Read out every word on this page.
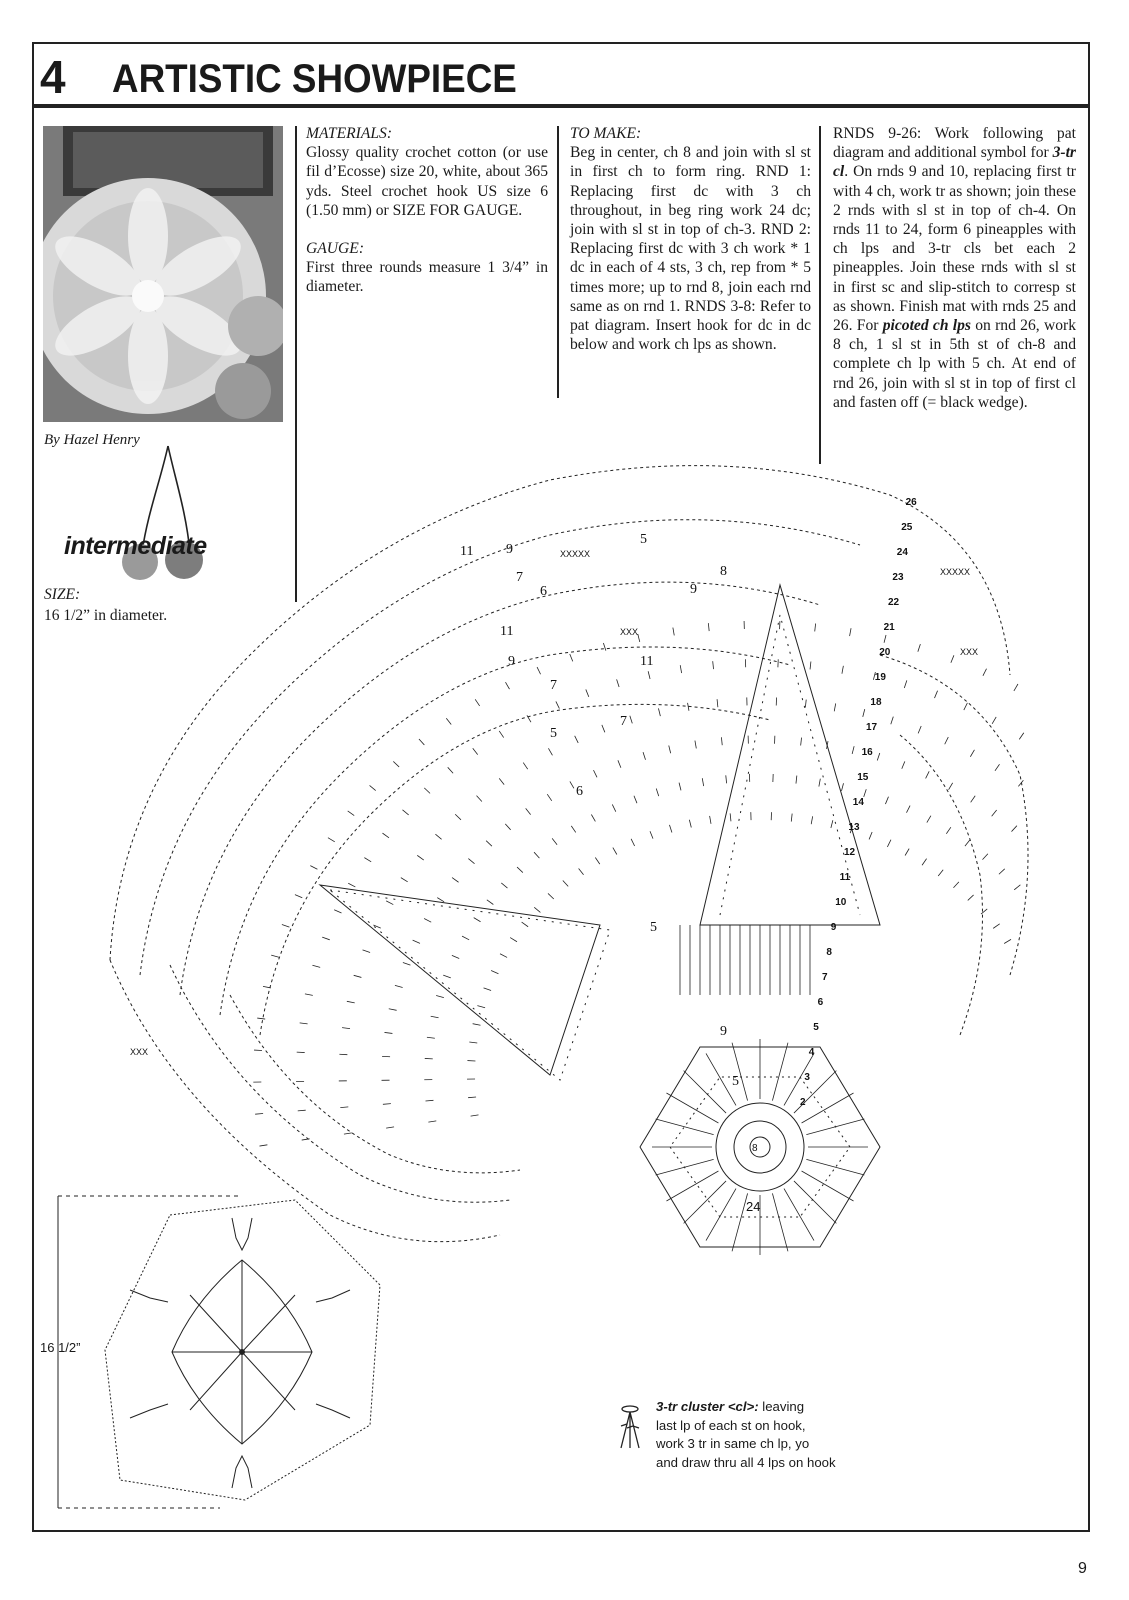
4 ARTISTIC SHOWPIECE
MATERIALS:

Glossy quality crochet cotton (or use fil d’Ecosse) size 20, white, about 365 yds. Steel crochet hook US size 6 (1.50 mm) or SIZE FOR GAUGE.

GAUGE:

First three rounds measure 1 3/4” in diameter.

TO MAKE:

Beg in center, ch 8 and join with sl st in first ch to form ring. RND 1: Replacing first dc with 3 ch throughout, in beg ring work 24 dc; join with sl st in top of ch-3. RND 2: Replacing first dc with 3 ch work * 1 dc in each of 4 sts, 3 ch, rep from * 5 times more; up to rnd 8, join each rnd same as on rnd 1. RNDS 3-8: Refer to pat diagram. Insert hook for dc in dc below and work ch lps as shown.

RNDS 9-26: Work following pat diagram and additional symbol for 3-tr cl. On rnds 9 and 10, replacing first tr with 4 ch, work tr as shown; join these 2 rnds with sl st in top of ch-4. On rnds 11 to 24, form 6 pineapples with ch lps and 3-tr cls bet each 2 pineapples. Join these rnds with sl st in first sc and slip-stitch to corresp st as shown. Finish mat with rnds 25 and 26. For picoted ch lps on rnd 26, work 8 ch, 1 sl st in 5th st of ch-8 and complete ch lp with 5 ch. At end of rnd 26, join with sl st in top of first cl and fasten off (= black wedge).

By Hazel Henry
intermediate
SIZE:
16 1/2” in diameter.
8
24
2
3
4
5
6
7
8
9
10
11
12
13
14
15
16
17
18
19
20
21
22
23
24
25
26
11 9
7
6
5
11
9
7
5
6
7
11
9
8
5
5
9
XXXXX
XXX
XXXXX
XXX
XXX
16 1/2”
3-tr cluster <cl>: leaving
last lp of each st on hook,
work 3 tr in same ch lp, yo
and draw thru all 4 lps on hook
9
